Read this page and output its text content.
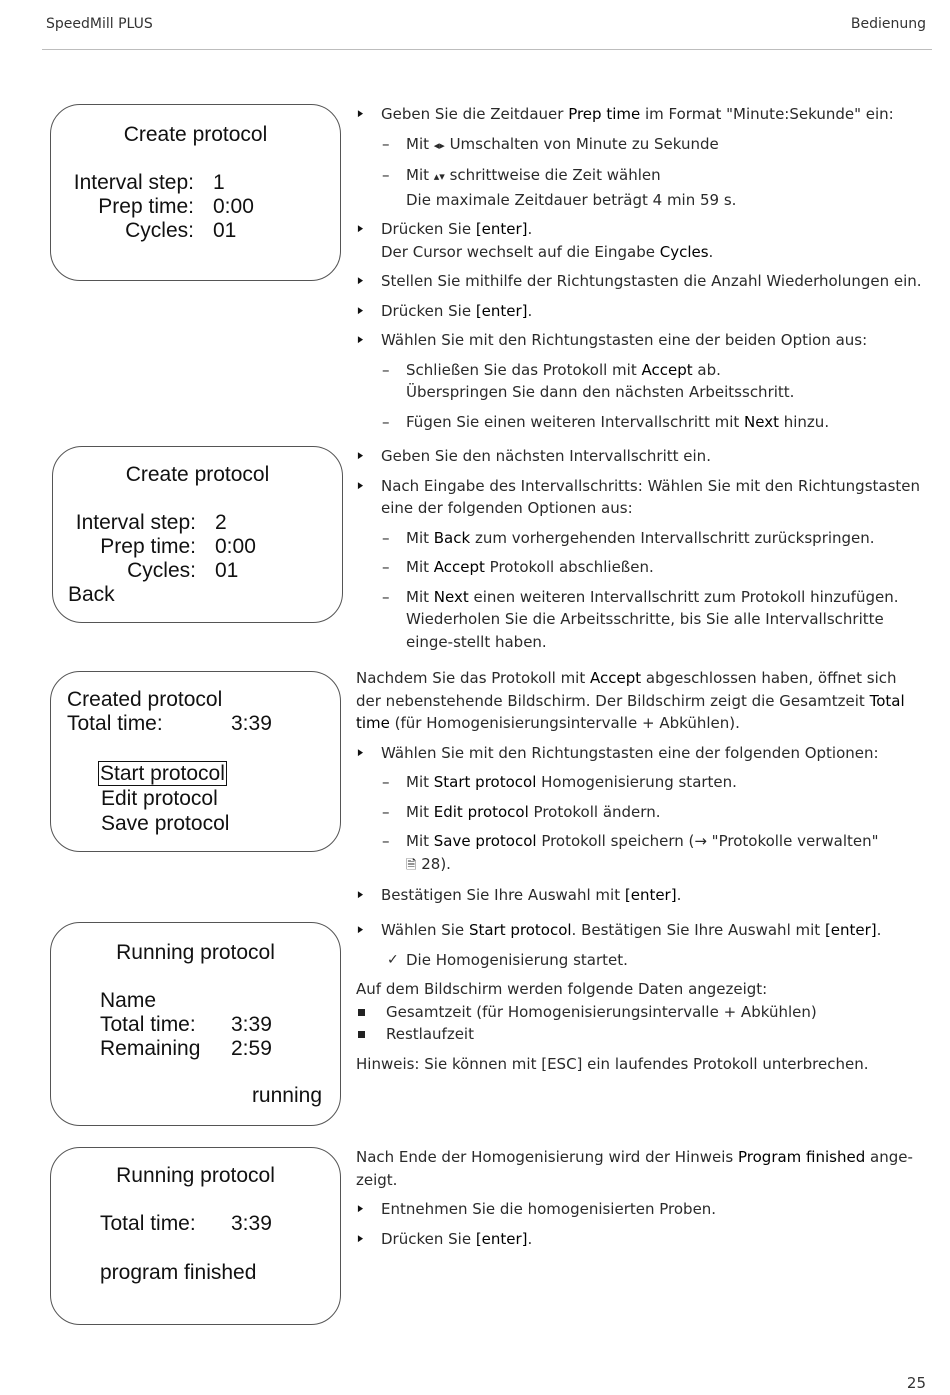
SpeedMill PLUS	Bedienung
Create protocol
Interval step: 1
Prep time: 0:00
Cycles: 01
Create protocol
Interval step: 2
Prep time: 0:00
Cycles: 01
Back
Created protocol
Total time:	3:39
Start protocol
Edit protocol
Save protocol
Running protocol
Name
Total time: 3:39
Remaining 2:59
running
Running protocol
Total time: 3:39
program finished
▶ Geben Sie die Zeitdauer Prep time im Format "Minute:Sekunde" ein:
– Mit ◂▸ Umschalten von Minute zu Sekunde
– Mit ▴▾ schrittweise die Zeit wählen
Die maximale Zeitdauer beträgt 4 min 59 s.
▶ Drücken Sie [enter].
Der Cursor wechselt auf die Eingabe Cycles.
▶ Stellen Sie mithilfe der Richtungstasten die Anzahl Wiederholungen ein.
▶ Drücken Sie [enter].
▶ Wählen Sie mit den Richtungstasten eine der beiden Option aus:
– Schließen Sie das Protokoll mit Accept ab.
Überspringen Sie dann den nächsten Arbeitsschritt.
– Fügen Sie einen weiteren Intervallschritt mit Next hinzu.
▶ Geben Sie den nächsten Intervallschritt ein.
▶ Nach Eingabe des Intervallschritts: Wählen Sie mit den Richtungstasten eine der folgenden Optionen aus:
– Mit Back zum vorhergehenden Intervallschritt zurückspringen.
– Mit Accept Protokoll abschließen.
– Mit Next einen weiteren Intervallschritt zum Protokoll hinzufügen. Wiederholen Sie die Arbeitsschritte, bis Sie alle Intervallschritte einge-stellt haben.
Nachdem Sie das Protokoll mit Accept abgeschlossen haben, öffnet sich der nebenstehende Bildschirm. Der Bildschirm zeigt die Gesamtzeit Total time (für Homogenisierungsintervalle + Abkühlen).
▶ Wählen Sie mit den Richtungstasten eine der folgenden Optionen:
– Mit Start protocol Homogenisierung starten.
– Mit Edit protocol Protokoll ändern.
– Mit Save protocol Protokoll speichern (→ "Protokolle verwalten"
🗎 28).
▶ Bestätigen Sie Ihre Auswahl mit [enter].
▶ Wählen Sie Start protocol. Bestätigen Sie Ihre Auswahl mit [enter].
✓ Die Homogenisierung startet.
Auf dem Bildschirm werden folgende Daten angezeigt:
Gesamtzeit (für Homogenisierungsintervalle + Abkühlen)
Restlaufzeit
Hinweis: Sie können mit [ESC] ein laufendes Protokoll unterbrechen.
Nach Ende der Homogenisierung wird der Hinweis Program finished ange-zeigt.
▶ Entnehmen Sie die homogenisierten Proben.
▶ Drücken Sie [enter].
25
